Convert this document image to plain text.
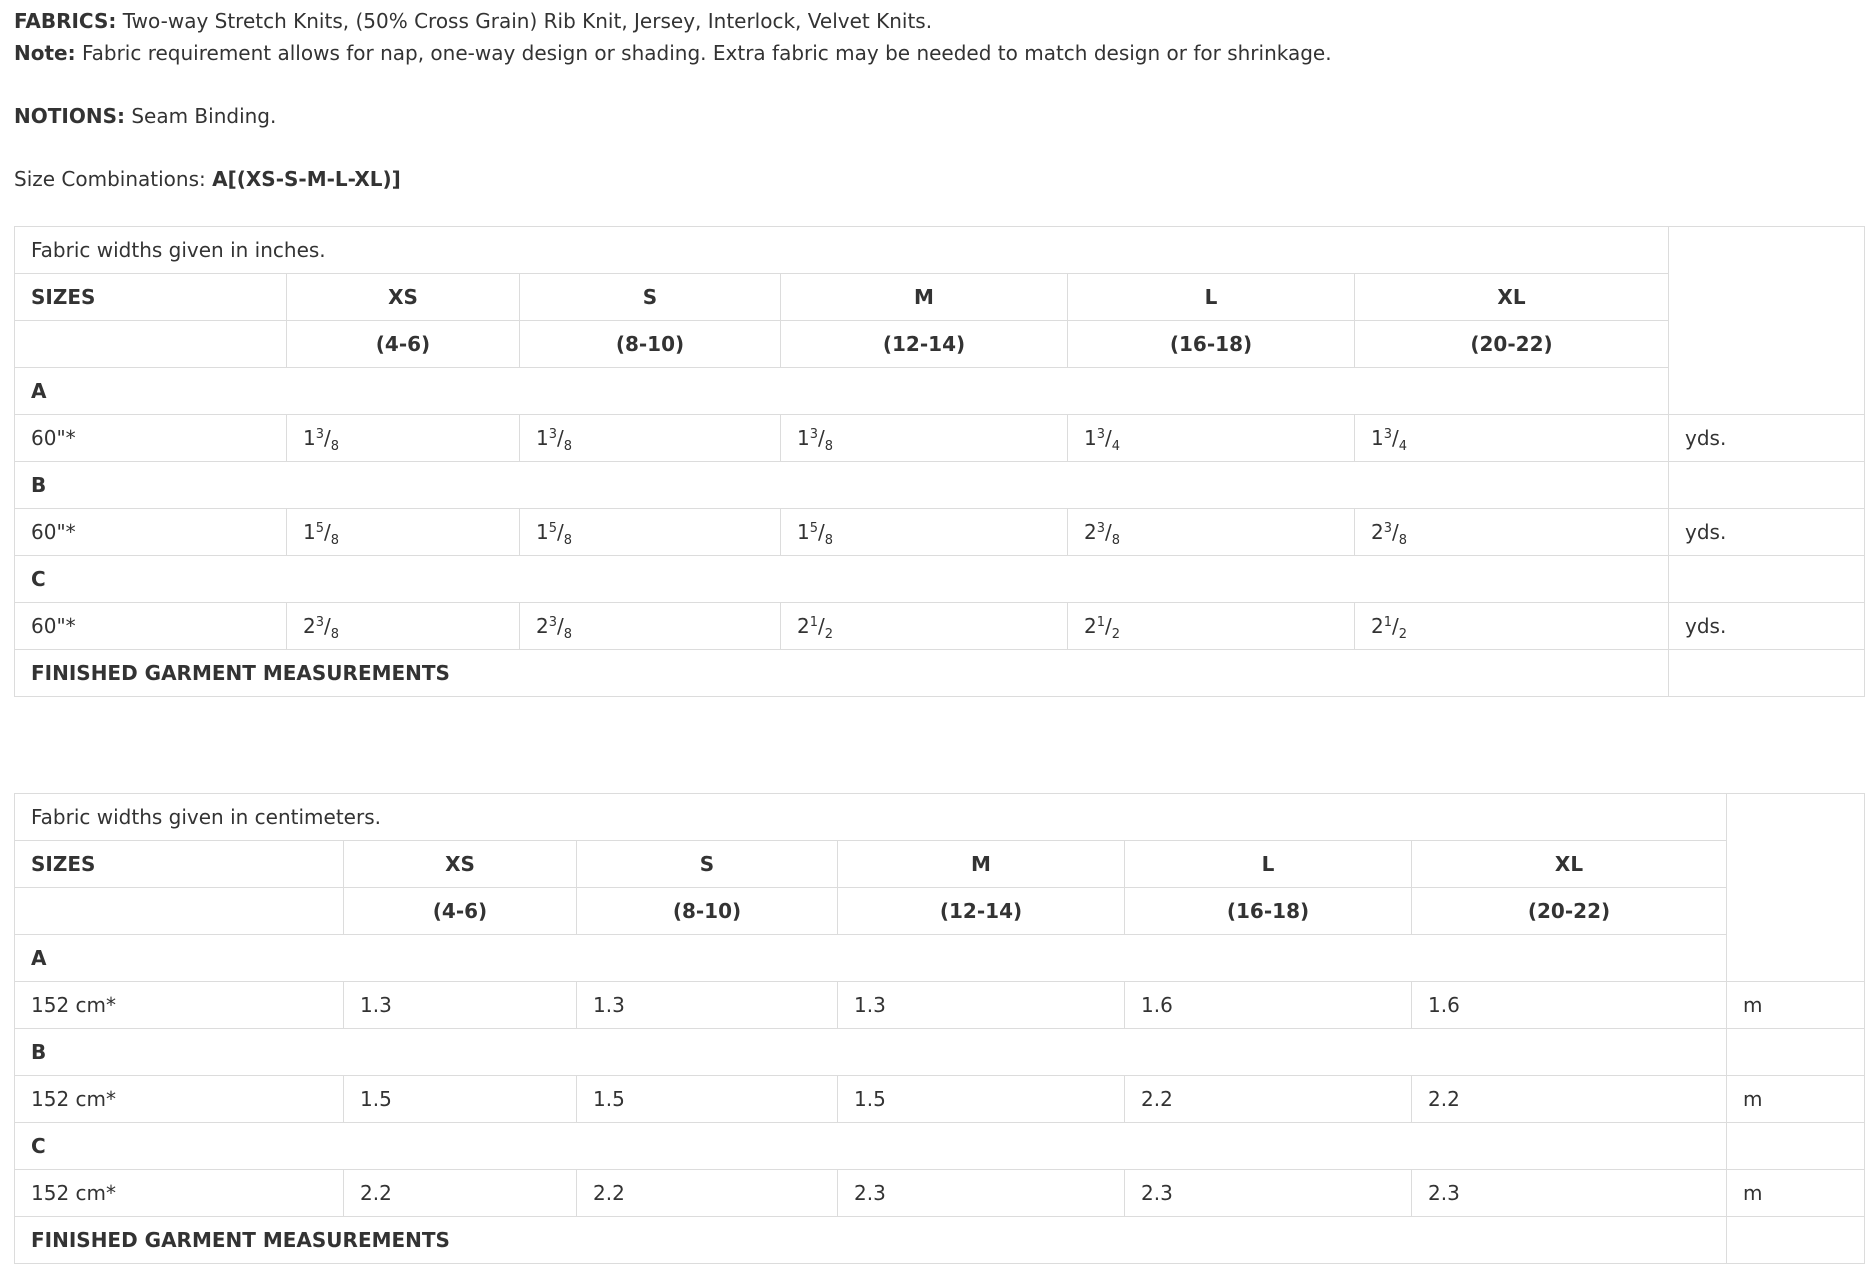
FABRICS: Two-way Stretch Knits, (50% Cross Grain) Rib Knit, Jersey, Interlock, Velvet Knits.
Note: Fabric requirement allows for nap, one-way design or shading. Extra fabric may be needed to match design or for shrinkage.
NOTIONS: Seam Binding.
Size Combinations: A[(XS-S-M-L-XL)]
Fabric widths given in inches.						
SIZES	XS	S	M	L	XL	
	(4-6)	(8-10)	(12-14)	(16-18)	(20-22)	
A						
60"*	$1^3/_8$	$1^3/_8$	$1^3/_8$	$1^3/_4$	$1^3/_4$	yds.
B						
60"*	$1^5/_8$	$1^5/_8$	$1^5/_8$	$2^3/_8$	$2^3/_8$	yds.
C						
60"*	$2^3/_8$	$2^3/_8$	$2^1/_2$	$2^1/_2$	$2^1/_2$	yds.
FINISHED GARMENT MEASUREMENTS						
Fabric widths given in centimeters.						
SIZES	XS	S	M	L	XL	
	(4-6)	(8-10)	(12-14)	(16-18)	(20-22)	
A						
152 cm*	1.3	1.3	1.3	1.6	1.6	m
B						
152 cm*	1.5	1.5	1.5	2.2	2.2	m
C						
152 cm*	2.2	2.2	2.3	2.3	2.3	m
FINISHED GARMENT MEASUREMENTS						
